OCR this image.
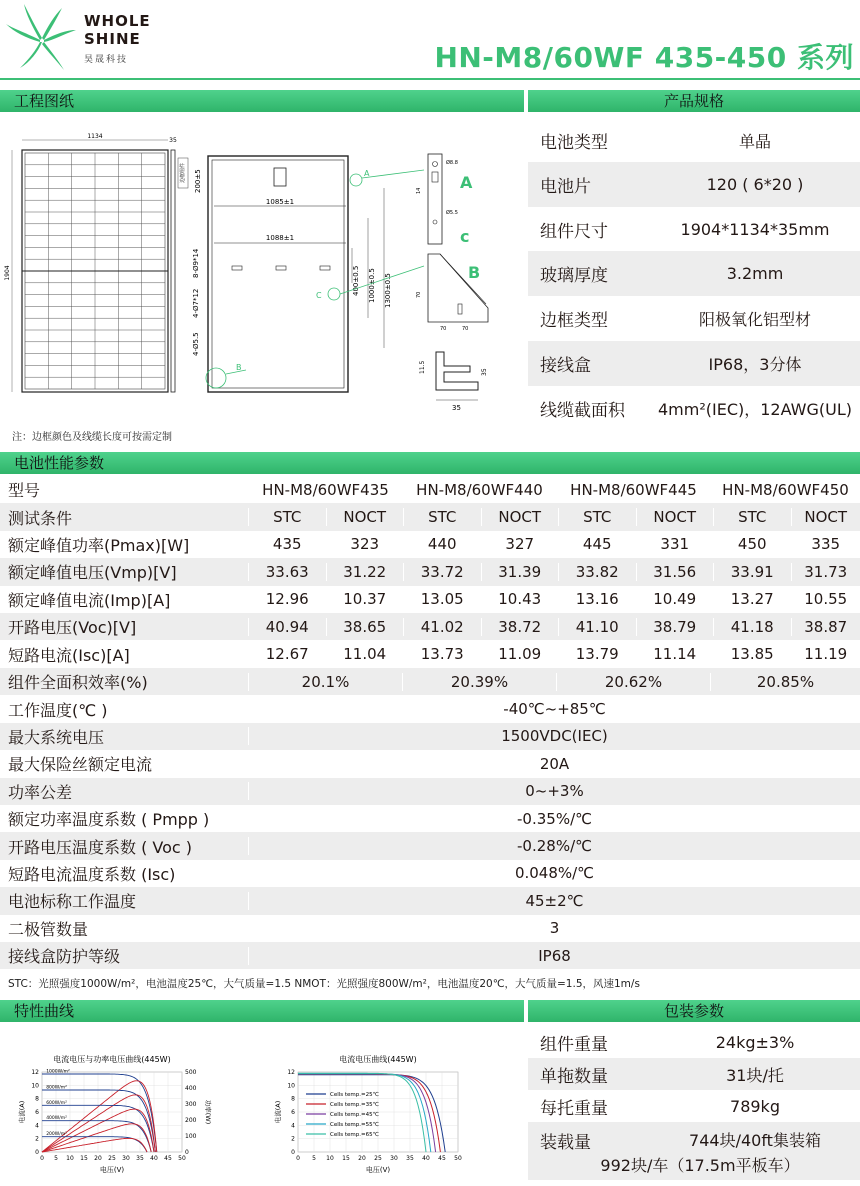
WHOLE
SHINE
昊晟科技	HN-M8/60WF 435-450 系列
工程图纸	产品规格
1134
1904
35
边框组件 200±5
1085±1
1088±1
8-Ø9*14
4-Ø7*12
4-Ø5.5
400±0.5 1000±0.5 1300±0.5
A
C
B
Ø8.8
Ø5.5
14 A
c
70	70
70
B
11.5	35
35
注：边框颜色及线缆长度可按需定制
电池类型	单晶
电池片	120 ( 6*20 )
组件尺寸	1904*1134*35mm
玻璃厚度	3.2mm
边框类型	阳极氧化铝型材
接线盒	IP68，3分体
线缆截面积	4mm²(IEC)，12AWG(UL)
电池性能参数
型号	HN-M8/60WF435	HN-M8/60WF440	HN-M8/60WF445	HN-M8/60WF450
测试条件	STC	NOCT	STC	NOCT	STC	NOCT	STC	NOCT
额定峰值功率(Pmax)[W]	435	323	440	327	445	331	450	335
额定峰值电压(Vmp)[V]	33.63	31.22	33.72	31.39	33.82	31.56	33.91	31.73
额定峰值电流(Imp)[A]	12.96	10.37	13.05	10.43	13.16	10.49	13.27	10.55
开路电压(Voc)[V]	40.94	38.65	41.02	38.72	41.10	38.79	41.18	38.87
短路电流(Isc)[A]	12.67	11.04	13.73	11.09	13.79	11.14	13.85	11.19
组件全面积效率(%)	20.1%	20.39%	20.62%	20.85%
工作温度(℃ )	-40℃~+85℃
最大系统电压	1500VDC(IEC)
最大保险丝额定电流	20A
功率公差	0~+3%
额定功率温度系数 ( Pmpp )	-0.35%/℃
开路电压温度系数 ( Voc )	-0.28%/℃
短路电流温度系数 (Isc)	0.048%/℃
电池标称工作温度	45±2℃
二极管数量	3
接线盒防护等级	IP68
STC：光照强度1000W/m²，电池温度25℃，大气质量=1.5 NMOT：光照强度800W/m²，电池温度20℃，大气质量=1.5，风速1m/s
特性曲线	包装参数
电流电压与功率电压曲线(445W)
0 5 10 15 20 25 30 35 40 45 50
0
2
4
6
8
10
12
0
100
200
300
400
500
功率(W)
电压(V)
电流(A)
1000W/m²
800W/m²
600W/m²
400W/m²
200W/m²
电流电压曲线(445W)
0 5 10 15 20 25 30 35 40 45 50
0
2
4
6
8
10
12
电压(V)
电流(A)
Cells temp.=25℃
Cells temp.=35℃
Cells temp.=45℃
Cells temp.=55℃
Cells temp.=65℃
组件重量	24kg±3%
单拖数量	31块/托
每托重量	789kg
装载量	744块/40ft集装箱
992块/车（17.5m平板车）
